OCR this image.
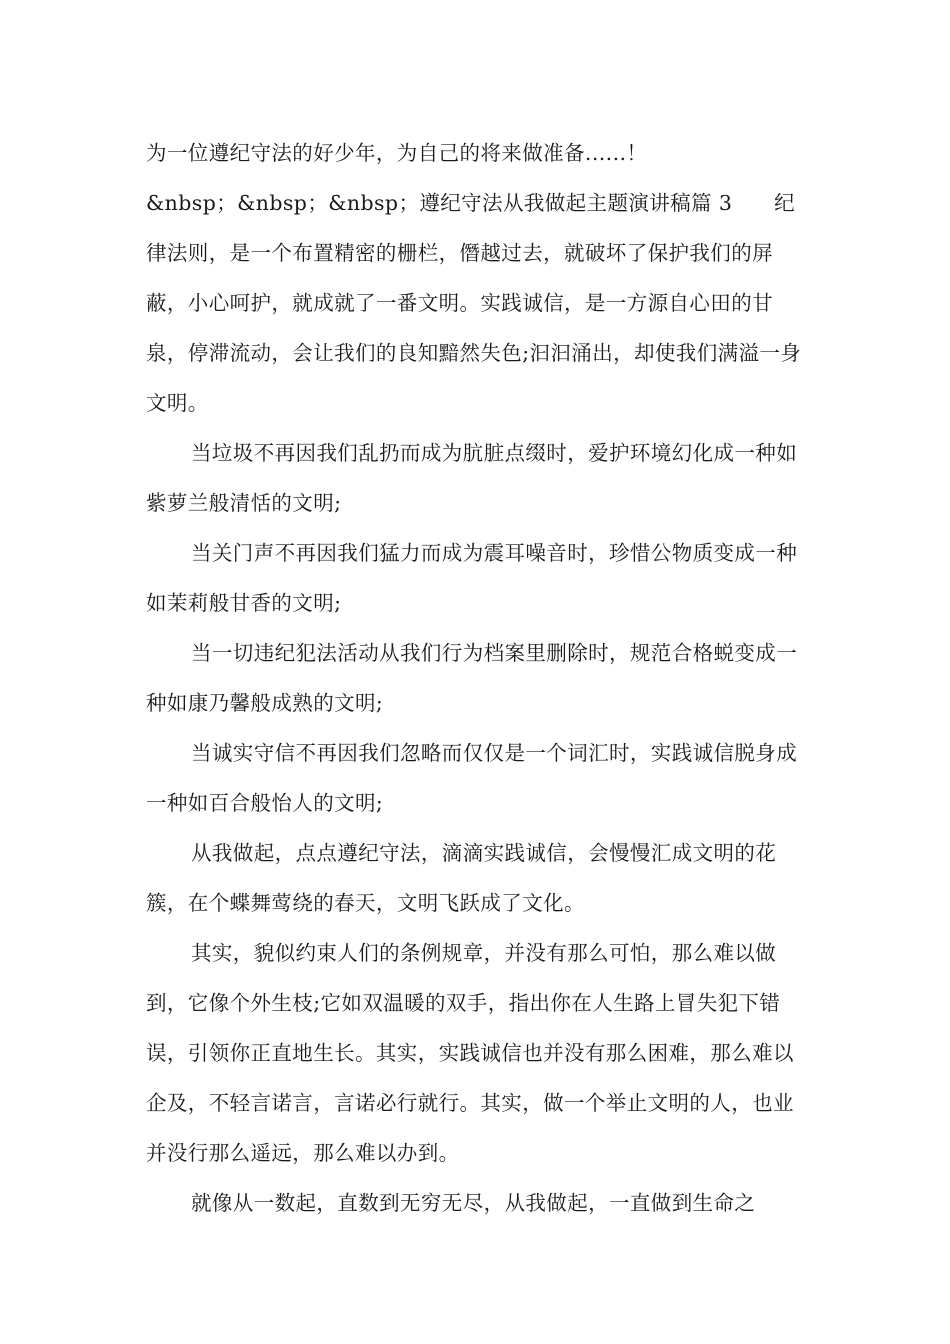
为一位遵纪守法的好少年，为自己的将来做准备......！

&nbsp；&nbsp；&nbsp；遵纪守法从我做起主题演讲稿篇 3　　纪律法则，是一个布置精密的栅栏，僭越过去，就破坏了保护我们的屏蔽，小心呵护，就成就了一番文明。实践诚信，是一方源自心田的甘泉，停滞流动，会让我们的良知黯然失色;汩汩涌出，却使我们满溢一身文明。

当垃圾不再因我们乱扔而成为肮脏点缀时，爱护环境幻化成一种如紫萝兰般清恬的文明;

当关门声不再因我们猛力而成为震耳噪音时，珍惜公物质变成一种如茉莉般甘香的文明;

当一切违纪犯法活动从我们行为档案里删除时，规范合格蜕变成一种如康乃馨般成熟的文明;

当诚实守信不再因我们忽略而仅仅是一个词汇时，实践诚信脱身成一种如百合般怡人的文明;

从我做起，点点遵纪守法，滴滴实践诚信，会慢慢汇成文明的花簇，在个蝶舞莺绕的春天，文明飞跃成了文化。

其实，貌似约束人们的条例规章，并没有那么可怕，那么难以做到，它像个外生枝;它如双温暖的双手，指出你在人生路上冒失犯下错误，引领你正直地生长。其实，实践诚信也并没有那么困难，那么难以企及，不轻言诺言，言诺必行就行。其实，做一个举止文明的人，也业并没行那么遥远，那么难以办到。

就像从一数起，直数到无穷无尽，从我做起，一直做到生命之
